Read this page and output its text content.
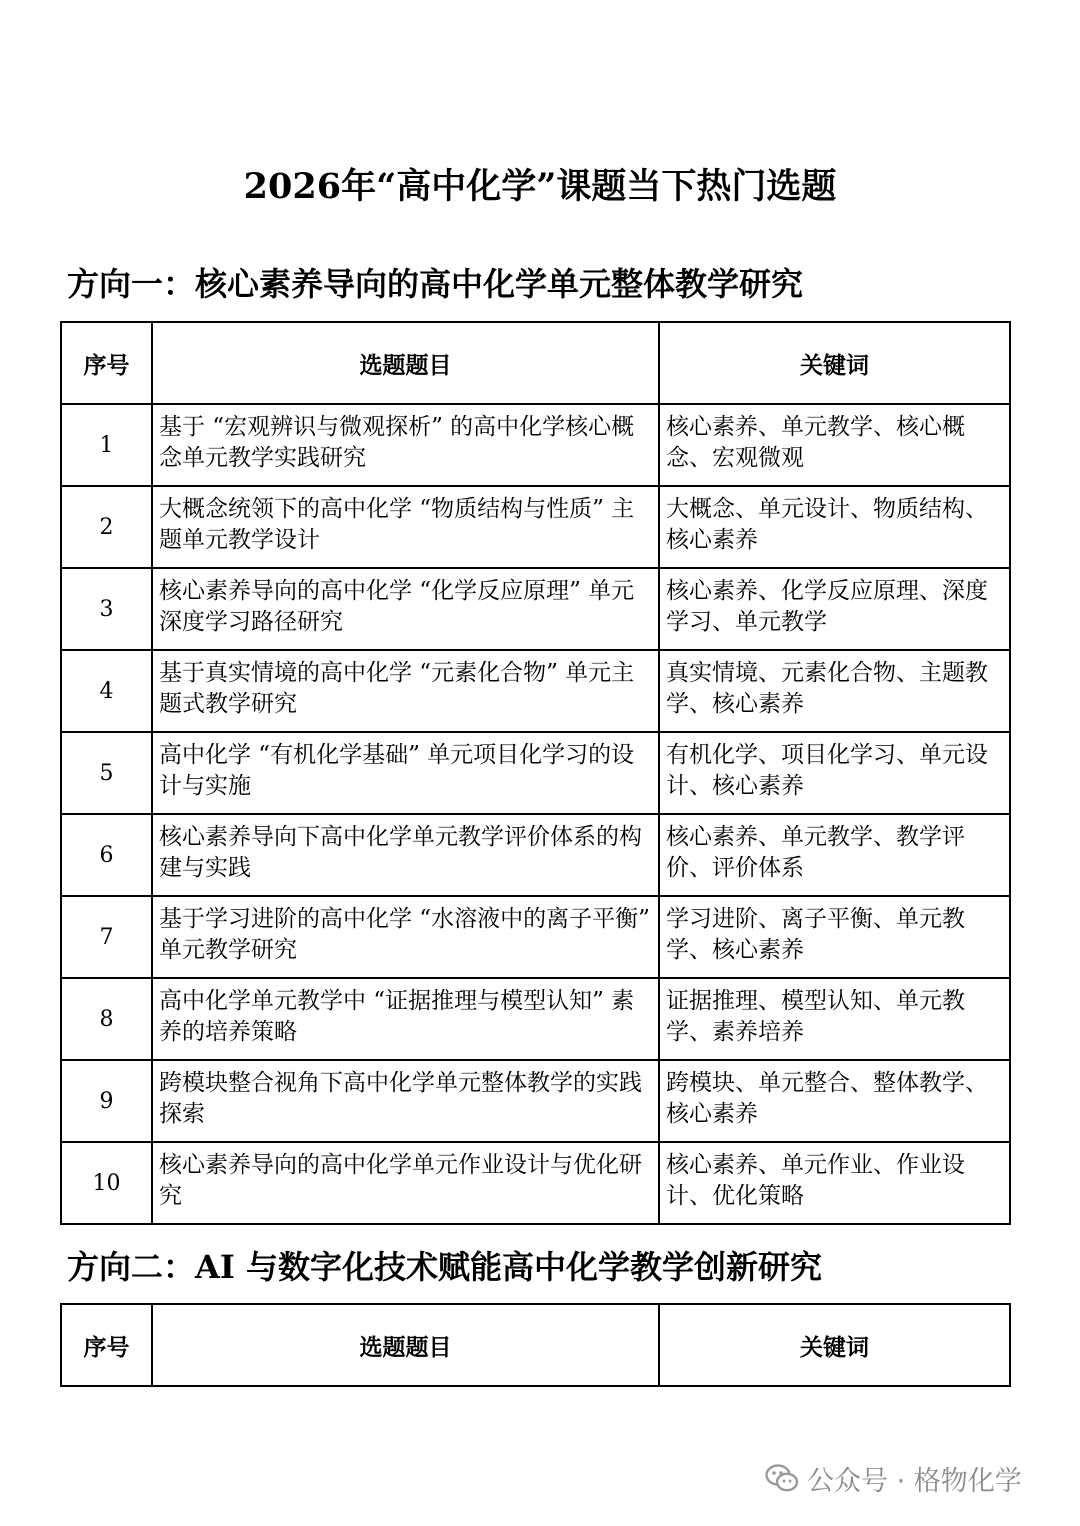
2026年“高中化学”课题当下热门选题
方向一：核心素养导向的高中化学单元整体教学研究
序号	选题题目	关键词
1	基于 “宏观辨识与微观探析” 的高中化学核心概念单元教学实践研究	核心素养、单元教学、核心概念、宏观微观
2	大概念统领下的高中化学 “物质结构与性质” 主题单元教学设计	大概念、单元设计、物质结构、核心素养
3	核心素养导向的高中化学 “化学反应原理” 单元深度学习路径研究	核心素养、化学反应原理、深度学习、单元教学
4	基于真实情境的高中化学 “元素化合物” 单元主题式教学研究	真实情境、元素化合物、主题教学、核心素养
5	高中化学 “有机化学基础” 单元项目化学习的设计与实施	有机化学、项目化学习、单元设计、核心素养
6	核心素养导向下高中化学单元教学评价体系的构建与实践	核心素养、单元教学、教学评价、评价体系
7	基于学习进阶的高中化学 “水溶液中的离子平衡” 单元教学研究	学习进阶、离子平衡、单元教学、核心素养
8	高中化学单元教学中 “证据推理与模型认知” 素养的培养策略	证据推理、模型认知、单元教学、素养培养
9	跨模块整合视角下高中化学单元整体教学的实践探索	跨模块、单元整合、整体教学、核心素养
10	核心素养导向的高中化学单元作业设计与优化研究	核心素养、单元作业、作业设计、优化策略
方向二：AI 与数字化技术赋能高中化学教学创新研究
序号	选题题目	关键词
公众号 · 格物化学
